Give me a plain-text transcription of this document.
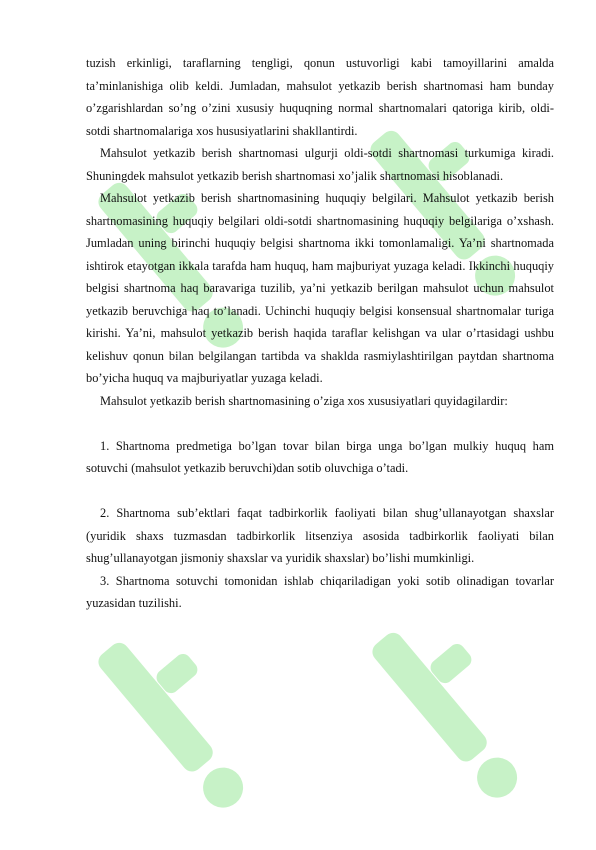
tuzish erkinligi, taraflarning tengligi, qonun ustuvorligi kabi tamoyillarini amalda ta’minlanishiga olib keldi. Jumladan, mahsulot yetkazib berish shartnomasi ham bunday o’zgarishlardan so’ng o’zini xususiy huquqning normal shartnomalari qatoriga kirib, oldi-sotdi shartnomalariga xos hususiyatlarini shakllantirdi.

Mahsulot yetkazib berish shartnomasi ulgurji oldi-sotdi shartnomasi turkumiga kiradi. Shuningdek mahsulot yetkazib berish shartnomasi xo’jalik shartnomasi hisoblanadi.

Mahsulot yetkazib berish shartnomasining huquqiy belgilari. Mahsulot yetkazib berish shartnomasining huquqiy belgilari oldi-sotdi shartnomasining huquqiy belgilariga o’xshash. Jumladan uning birinchi huquqiy belgisi shartnoma ikki tomonlamaligi. Ya’ni shartnomada ishtirok etayotgan ikkala tarafda ham huquq, ham majburiyat yuzaga keladi. Ikkinchi huquqiy belgisi shartnoma haq baravariga tuzilib, ya’ni yetkazib berilgan mahsulot uchun mahsulot yetkazib beruvchiga haq to’lanadi. Uchinchi huquqiy belgisi konsensual shartnomalar turiga kirishi. Ya’ni, mahsulot yetkazib berish haqida taraflar kelishgan va ular o’rtasidagi ushbu kelishuv qonun bilan belgilangan tartibda va shaklda rasmiylashtirilgan paytdan shartnoma bo’yicha huquq va majburiyatlar yuzaga keladi.

Mahsulot yetkazib berish shartnomasining o’ziga xos xususiyatlari quyidagilardir:

1. Shartnoma predmetiga bo’lgan tovar bilan birga unga bo’lgan mulkiy huquq ham sotuvchi (mahsulot yetkazib beruvchi)dan sotib oluvchiga o’tadi.

2. Shartnoma sub’ektlari faqat tadbirkorlik faoliyati bilan shug’ullanayotgan shaxslar (yuridik shaxs tuzmasdan tadbirkorlik litsenziya asosida tadbirkorlik faoliyati bilan shug’ullanayotgan jismoniy shaxslar va yuridik shaxslar) bo’lishi mumkinligi.

3. Shartnoma sotuvchi tomonidan ishlab chiqariladigan yoki sotib olinadigan tovarlar yuzasidan tuzilishi.
